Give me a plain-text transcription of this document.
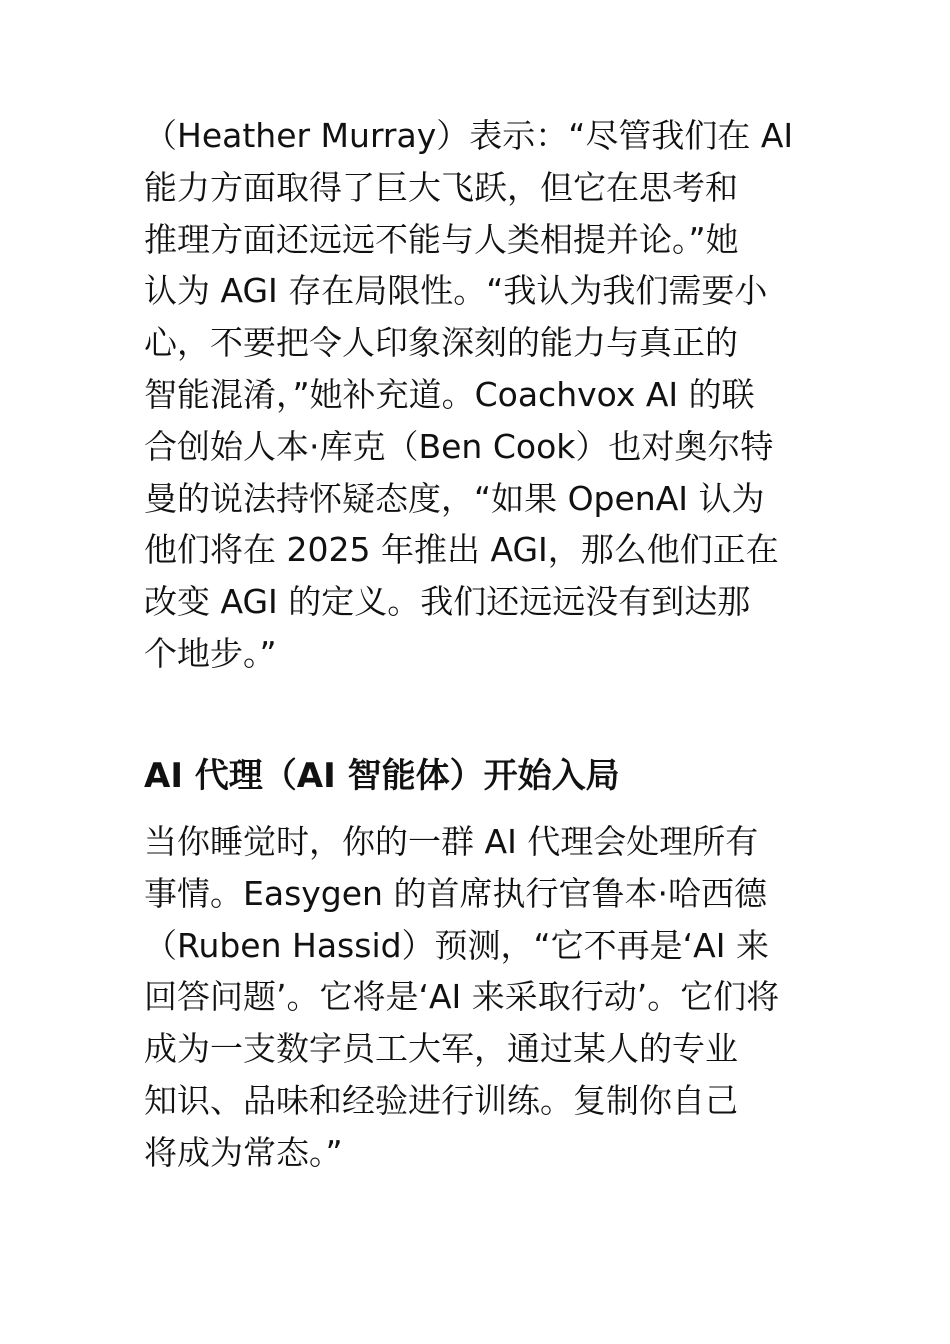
（Heather Murray）表示：“尽管我们在 AI
能力方面取得了巨大飞跃，但它在思考和
推理方面还远远不能与人类相提并论。”她
认为 AGI 存在局限性。“我认为我们需要小
心，不要把令人印象深刻的能力与真正的
智能混淆，”她补充道。Coachvox AI 的联
合创始人本·库克（Ben Cook）也对奥尔特
曼的说法持怀疑态度，“如果 OpenAI 认为
他们将在 2025 年推出 AGI，那么他们正在
改变 AGI 的定义。我们还远远没有到达那
个地步。”

AI 代理（AI 智能体）开始入局

当你睡觉时，你的一群 AI 代理会处理所有
事情。Easygen 的首席执行官鲁本·哈西德
（Ruben Hassid）预测，“它不再是‘AI 来
回答问题’。它将是‘AI 来采取行动’。它们将
成为一支数字员工大军，通过某人的专业
知识、品味和经验进行训练。复制你自己
将成为常态。”
